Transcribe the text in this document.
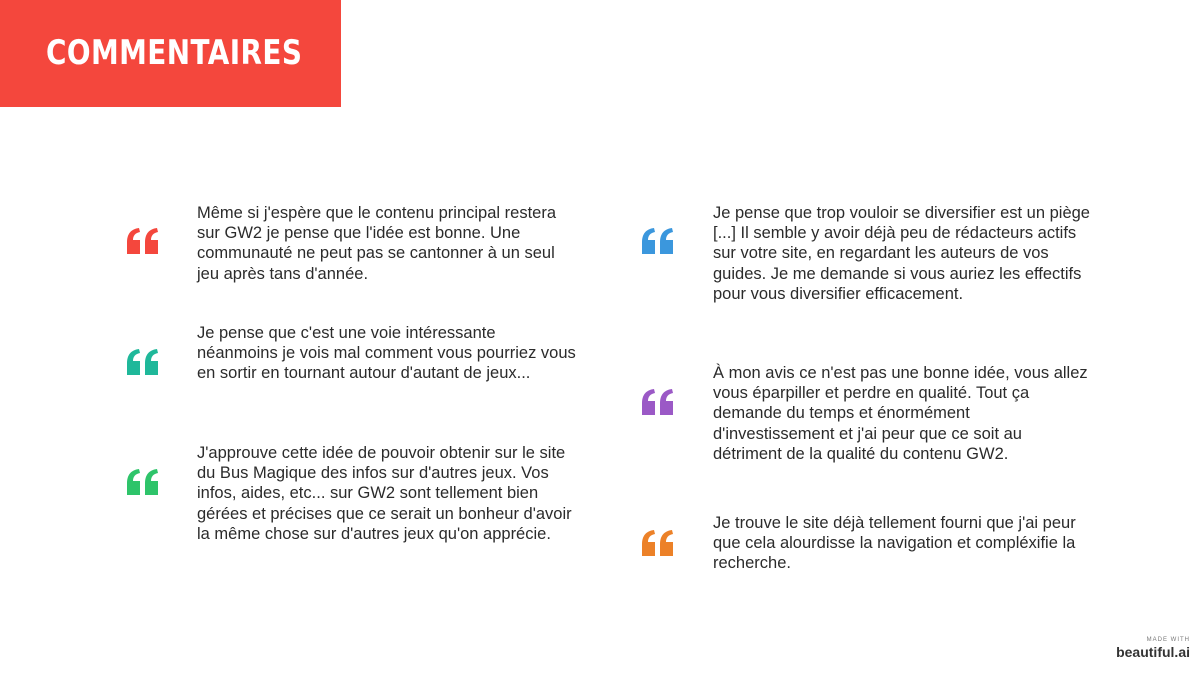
COMMENTAIRES

Même si j'espère que le contenu principal restera sur GW2 je pense que l'idée est bonne. Une communauté ne peut pas se cantonner à un seul jeu après tans d'année.

Je pense que c'est une voie intéressante néanmoins je vois mal comment vous pourriez vous en sortir en tournant autour d'autant de jeux...

J'approuve cette idée de pouvoir obtenir sur le site du Bus Magique des infos sur d'autres jeux. Vos infos, aides, etc... sur GW2 sont tellement bien gérées et précises que ce serait un bonheur d'avoir la même chose sur d'autres jeux qu'on apprécie.

Je pense que trop vouloir se diversifier est un piège [...] Il semble y avoir déjà peu de rédacteurs actifs sur votre site, en regardant les auteurs de vos guides. Je me demande si vous auriez les effectifs pour vous diversifier efficacement.

À mon avis ce n'est pas une bonne idée, vous allez vous éparpiller et perdre en qualité. Tout ça demande du temps et énormément d'investissement et j'ai peur que ce soit au détriment de la qualité du contenu GW2.

Je trouve le site déjà tellement fourni que j'ai peur que cela alourdisse la navigation et compléxifie la recherche.

MADE WITH
beautiful.ai
